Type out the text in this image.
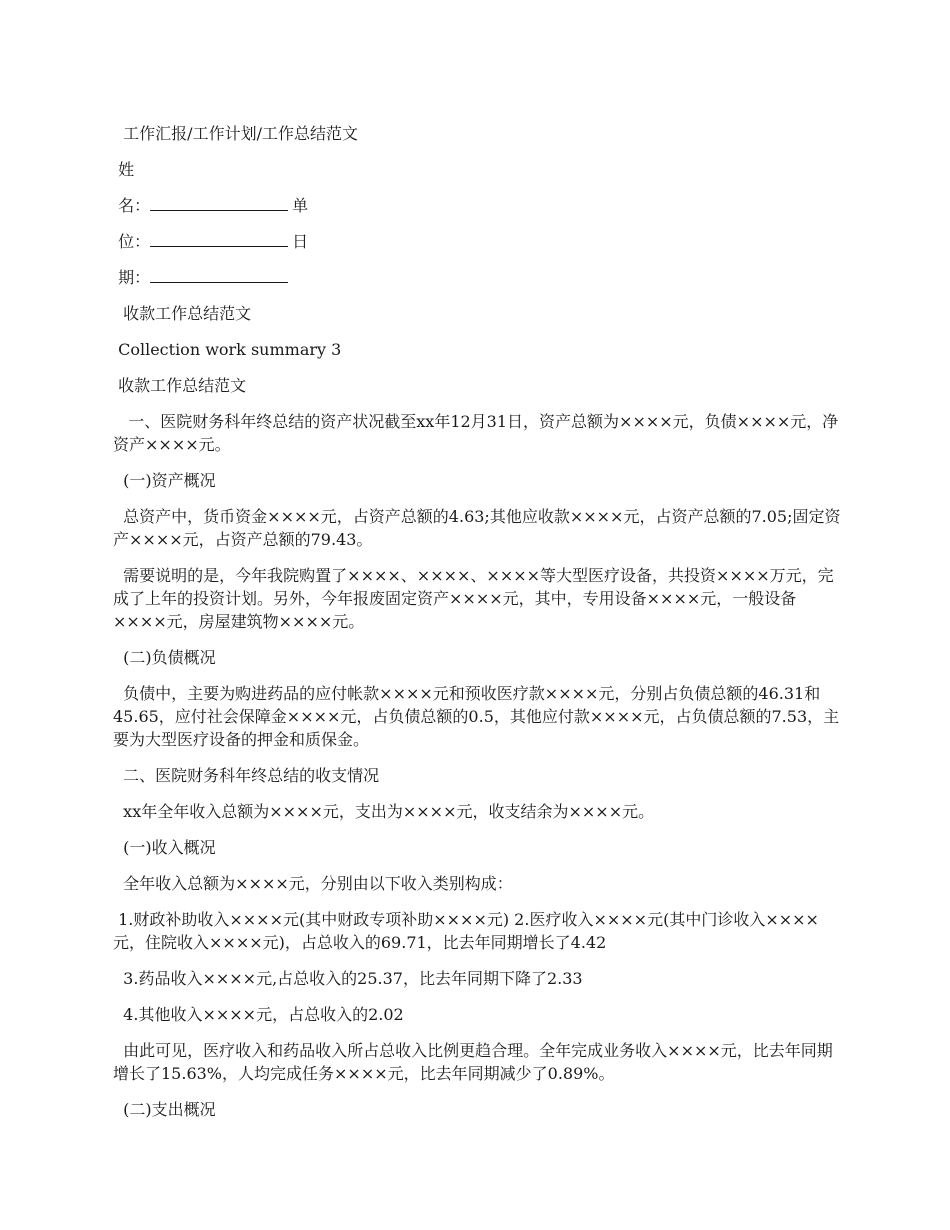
工作汇报/工作计划/工作总结范文

姓

名：	单

位：	日

期：

收款工作总结范文

Collection work summary 3

收款工作总结范文

一、医院财务科年终总结的资产状况截至xx年12月31日，资产总额为××××元，负债××××元，净资产××××元。

(一)资产概况

总资产中，货币资金××××元，占资产总额的4.63;其他应收款××××元，占资产总额的7.05;固定资产××××元，占资产总额的79.43。

需要说明的是，今年我院购置了××××、××××、××××等大型医疗设备，共投资××××万元，完成了上年的投资计划。另外，今年报废固定资产××××元，其中，专用设备××××元，一般设备××××元，房屋建筑物××××元。

(二)负债概况

负债中，主要为购进药品的应付帐款××××元和预收医疗款××××元，分别占负债总额的46.31和45.65，应付社会保障金××××元，占负债总额的0.5，其他应付款××××元，占负债总额的7.53，主要为大型医疗设备的押金和质保金。

二、医院财务科年终总结的收支情况

xx年全年收入总额为××××元，支出为××××元，收支结余为××××元。

(一)收入概况

全年收入总额为××××元，分别由以下收入类别构成：

1.财政补助收入××××元(其中财政专项补助××××元) 2.医疗收入××××元(其中门诊收入××××元，住院收入××××元)，占总收入的69.71，比去年同期增长了4.42

3.药品收入××××元,占总收入的25.37，比去年同期下降了2.33

4.其他收入××××元，占总收入的2.02

由此可见，医疗收入和药品收入所占总收入比例更趋合理。全年完成业务收入××××元，比去年同期增长了15.63%，人均完成任务××××元，比去年同期减少了0.89%。

(二)支出概况
